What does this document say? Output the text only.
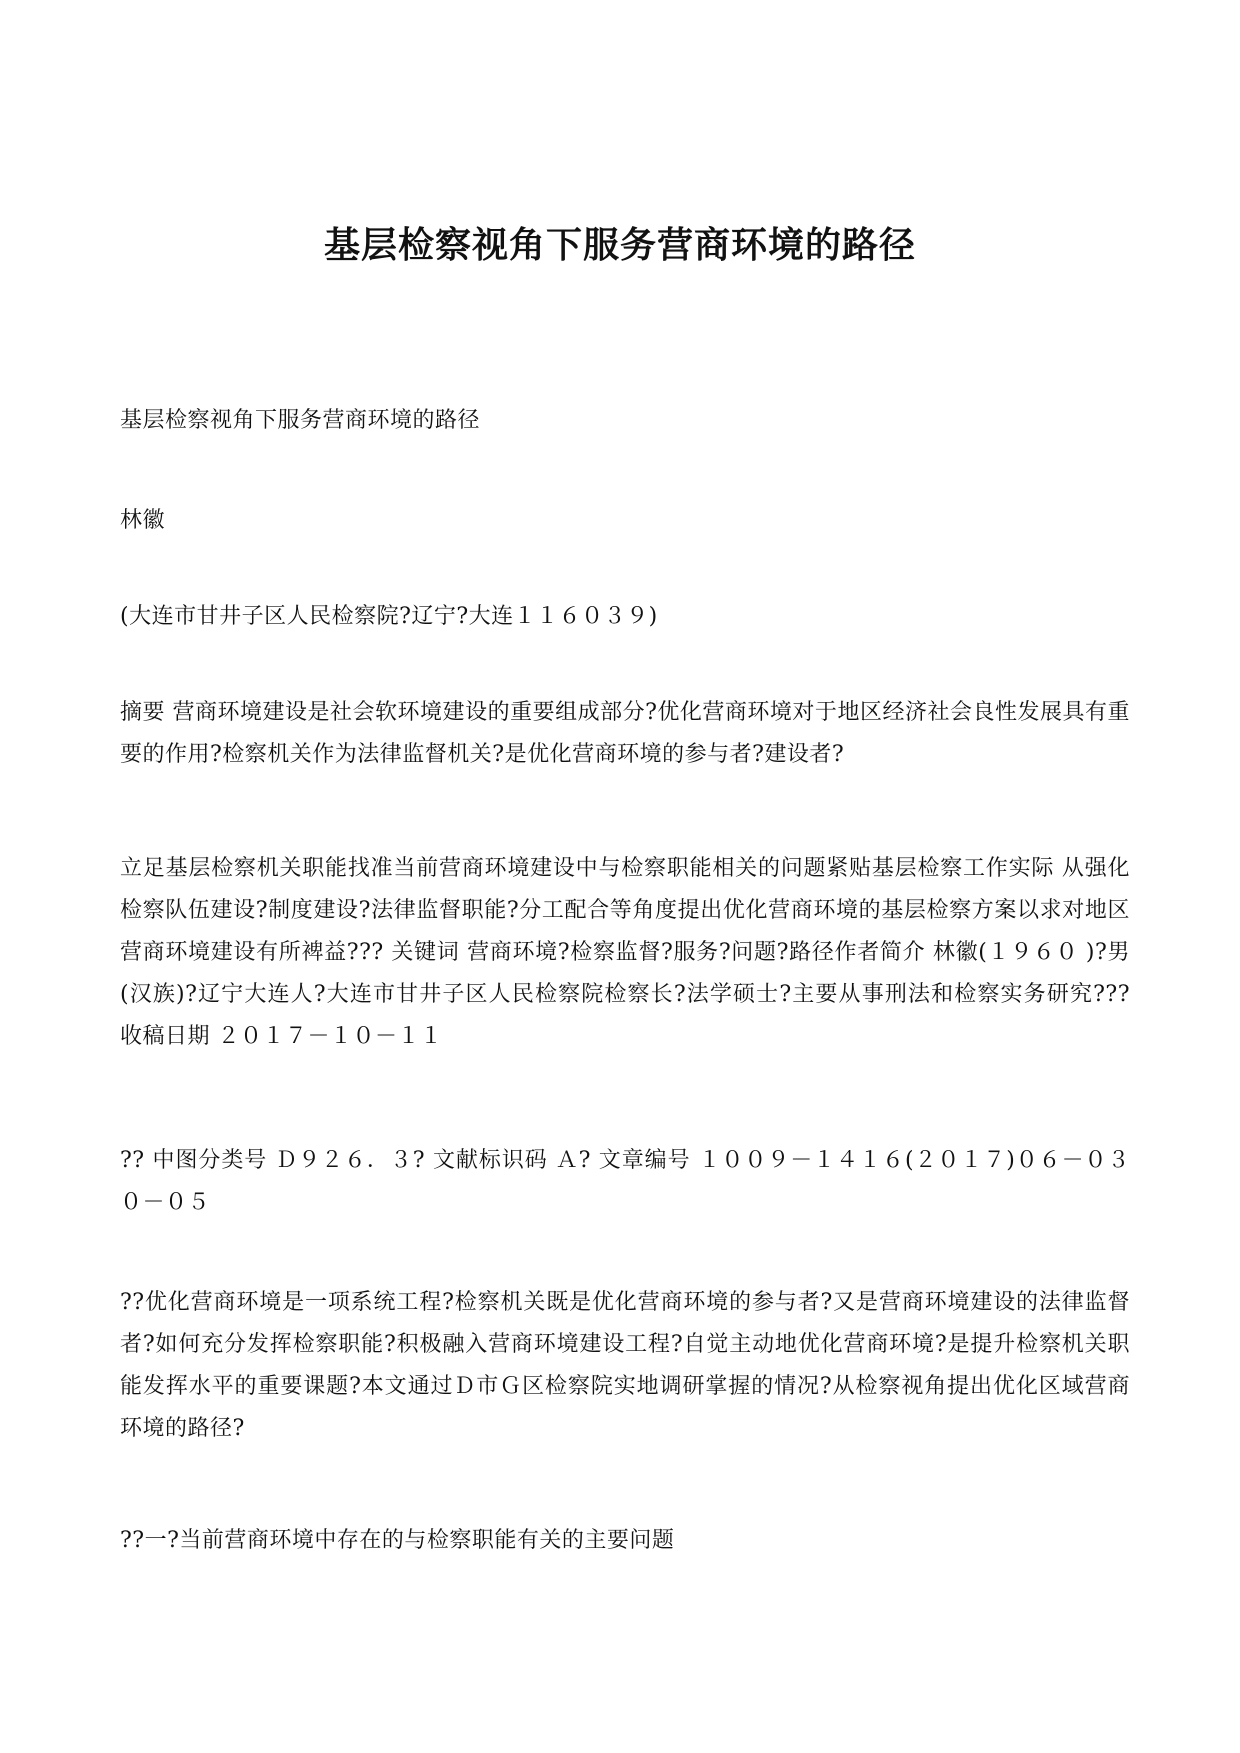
基层检察视角下服务营商环境的路径

基层检察视角下服务营商环境的路径

林徽

(大连市甘井子区人民检察院?辽宁?大连１１６０３９)

摘要 营商环境建设是社会软环境建设的重要组成部分?优化营商环境对于地区经济社会良性发展具有重要的作用?检察机关作为法律监督机关?是优化营商环境的参与者?建设者?

立足基层检察机关职能找准当前营商环境建设中与检察职能相关的问题紧贴基层检察工作实际 从强化检察队伍建设?制度建设?法律监督职能?分工配合等角度提出优化营商环境的基层检察方案以求对地区营商环境建设有所裨益??? 关键词 营商环境?检察监督?服务?问题?路径作者简介 林徽(１９６０ )?男(汉族)?辽宁大连人?大连市甘井子区人民检察院检察长?法学硕士?主要从事刑法和检察实务研究??? 收稿日期 ２０１７－１０－１１

?? 中图分类号 Ｄ９２６．３? 文献标识码 Ａ? 文章编号 １００９－１４１６(２０１７)０６－０３０－０５

??优化营商环境是一项系统工程?检察机关既是优化营商环境的参与者?又是营商环境建设的法律监督者?如何充分发挥检察职能?积极融入营商环境建设工程?自觉主动地优化营商环境?是提升检察机关职能发挥水平的重要课题?本文通过Ｄ市Ｇ区检察院实地调研掌握的情况?从检察视角提出优化区域营商环境的路径?

??一?当前营商环境中存在的与检察职能有关的主要问题
